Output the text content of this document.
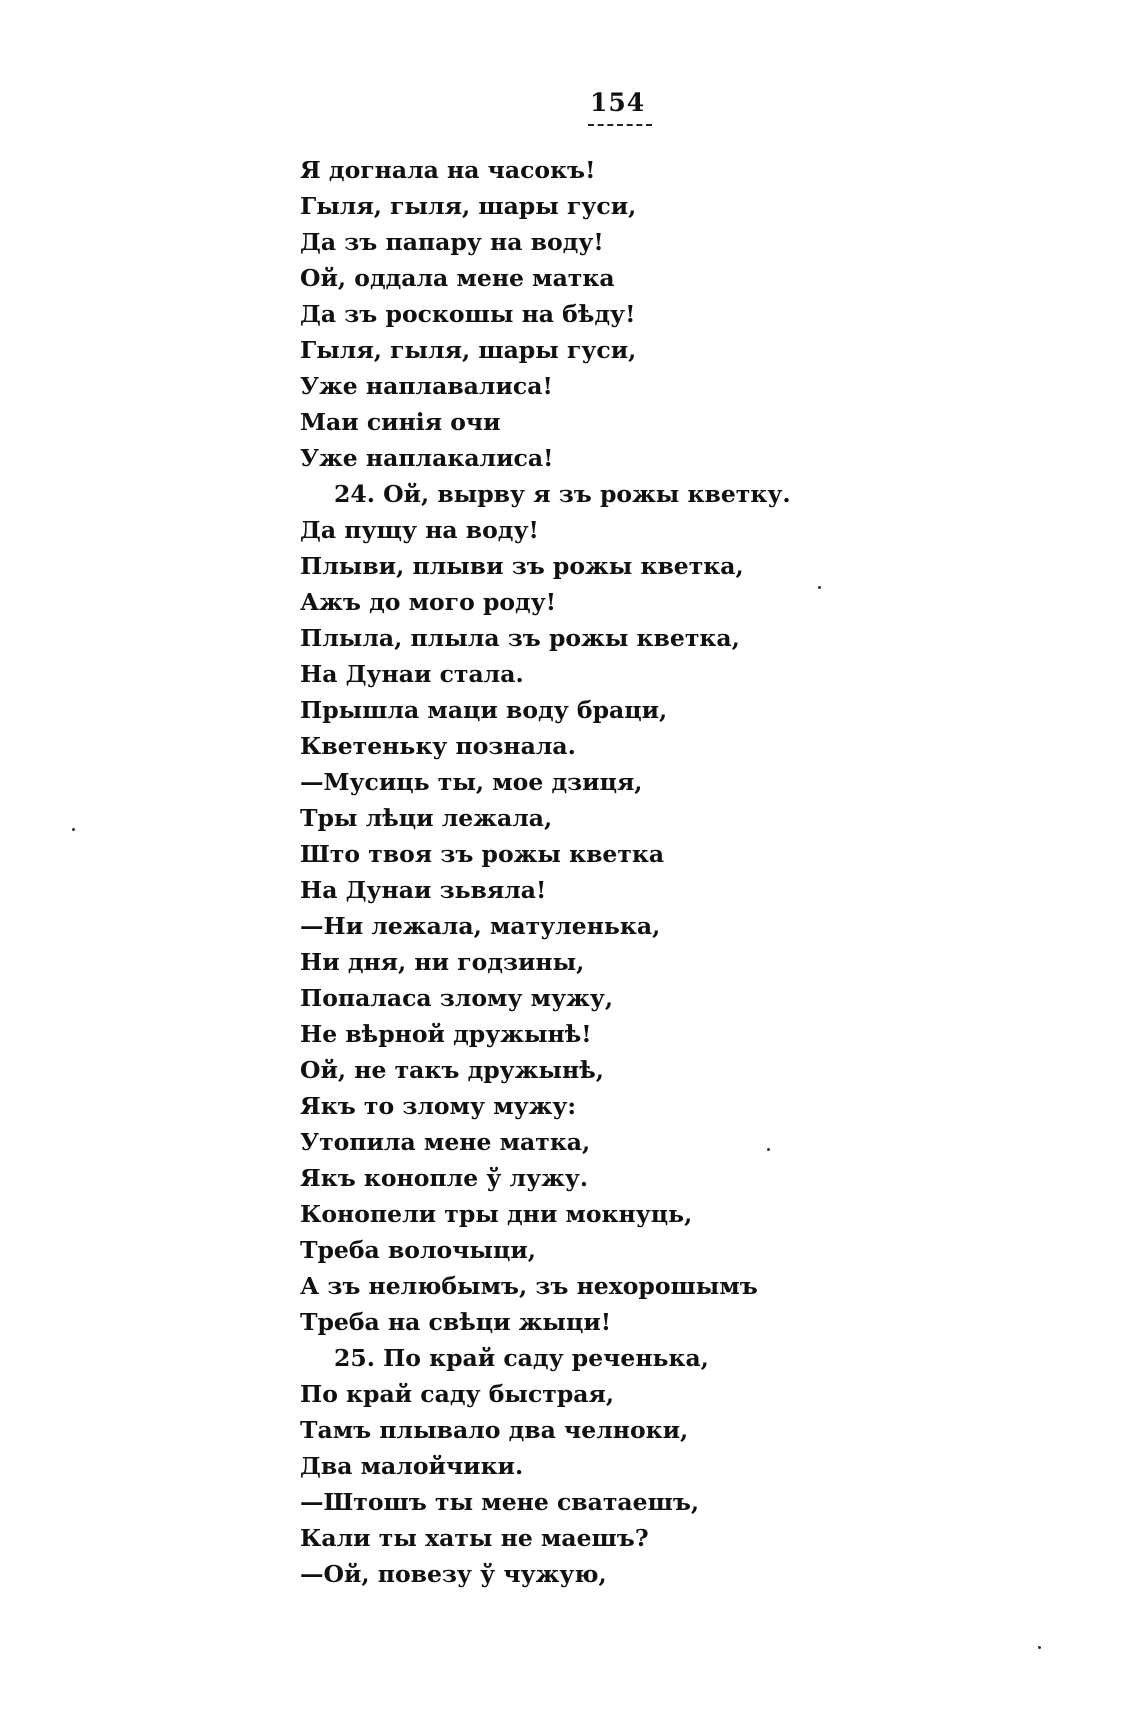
154
Я догнала на часокъ!
Гыля, гыля, шары гуси,
Да зъ папару на воду!
Ой, оддала мене матка
Да зъ роскошы на бѣду!
Гыля, гыля, шары гуси,
Уже наплавалиса!
Маи синія очи
Уже наплакалиса!
24. Ой, вырву я зъ рожы кветку.
Да пущу на воду!
Плыви, плыви зъ рожы кветка,
Ажъ до мого роду!
Плыла, плыла зъ рожы кветка,
На Дунаи стала.
Прышла маци воду браци,
Кветеньку познала.
—Мусиць ты, мое дзиця,
Тры лѣци лежала,
Што твоя зъ рожы кветка
На Дунаи зьвяла!
—Ни лежала, матуленька,
Ни дня, ни годзины,
Попаласа злому мужу,
Не вѣрной дружынѣ!
Ой, не такъ дружынѣ,
Якъ то злому мужу:
Утопила мене матка,
Якъ конопле ў лужу.
Конопели тры дни мокнуць,
Треба волочыци,
А зъ нелюбымъ, зъ нехорошымъ
Треба на свѣци жыци!
25. По край саду реченька,
По край саду быстрая,
Тамъ плывало два челноки,
Два малойчики.
—Штошъ ты мене сватаешъ,
Кали ты хаты не маешъ?
—Ой, повезу ў чужую,
